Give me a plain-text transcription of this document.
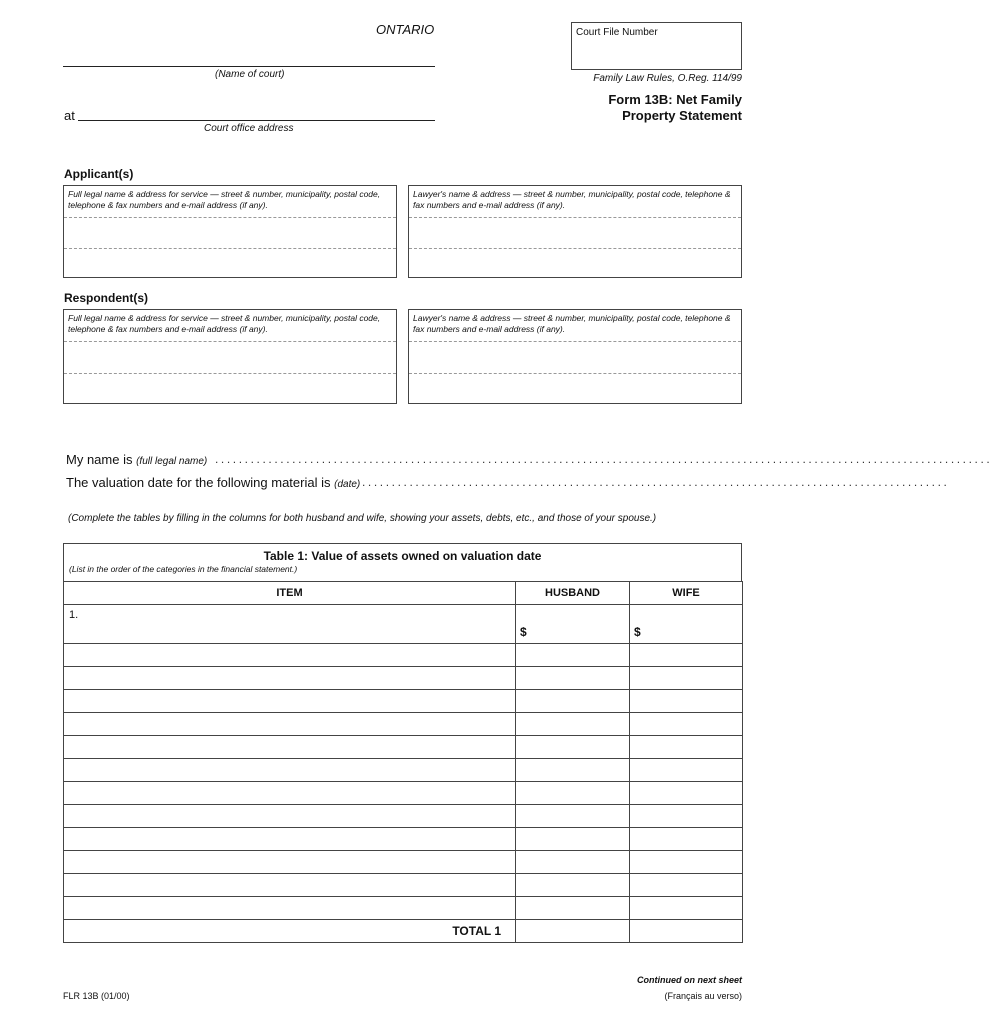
ONTARIO
(Name of court)
at
Court office address
Court File Number
Family Law Rules, O.Reg. 114/99
Form 13B: Net Family
Property Statement
Applicant(s)
Full legal name & address for service — street & number, municipality, postal code, telephone & fax numbers and e-mail address (if any).
Lawyer's name & address — street & number, municipality, postal code, telephone & fax numbers and e-mail address (if any).
Respondent(s)
Full legal name & address for service — street & number, municipality, postal code, telephone & fax numbers and e-mail address (if any).
Lawyer's name & address — street & number, municipality, postal code, telephone & fax numbers and e-mail address (if any).
My name is (full legal name) ...................................................................................................................................
The valuation date for the following material is (date) ...................................................................................................
(Complete the tables by filling in the columns for both husband and wife, showing your assets, debts, etc., and those of your spouse.)
Table 1: Value of assets owned on valuation date
(List in the order of the categories in the financial statement.)
ITEM	HUSBAND	WIFE
1.	$	$

TOTAL 1		
Continued on next sheet
FLR 13B (01/00)	(Français au verso)
